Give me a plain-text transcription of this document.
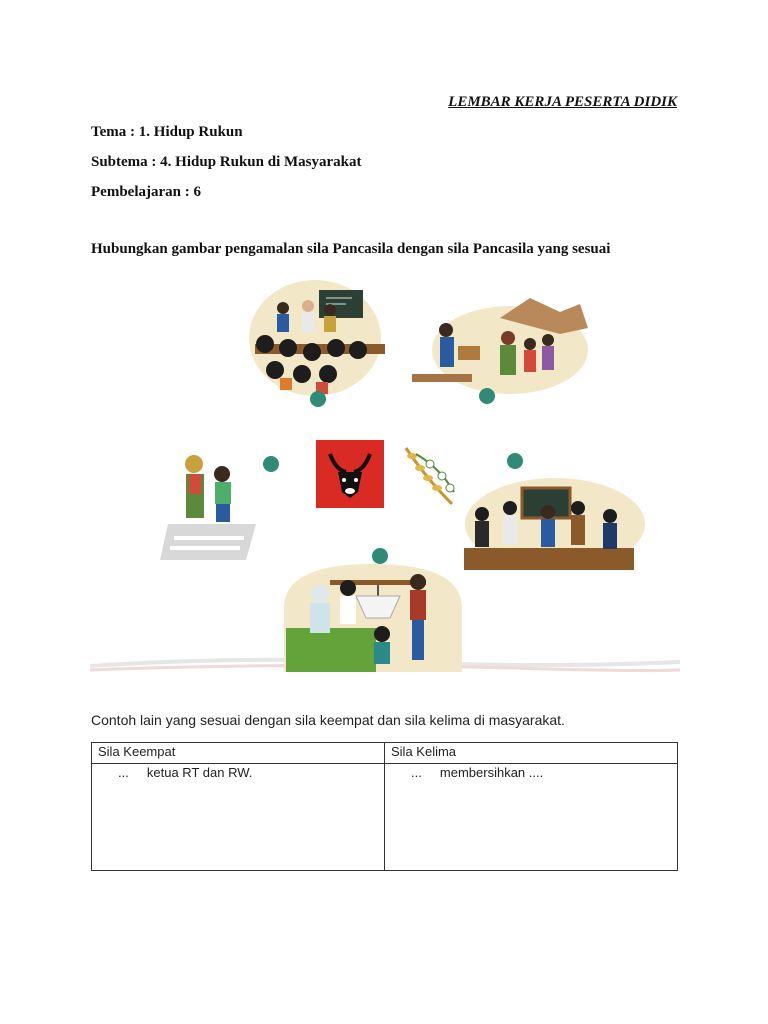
LEMBAR KERJA PESERTA DIDIK
Tema : 1. Hidup Rukun
Subtema : 4. Hidup Rukun di Masyarakat
Pembelajaran : 6
Hubungkan gambar pengamalan sila Pancasila dengan sila Pancasila yang sesuai
Contoh lain yang sesuai dengan sila keempat dan sila kelima di masyarakat.
Sila Keempat	Sila Kelima
...     ketua RT dan RW.	...     membersihkan ....
